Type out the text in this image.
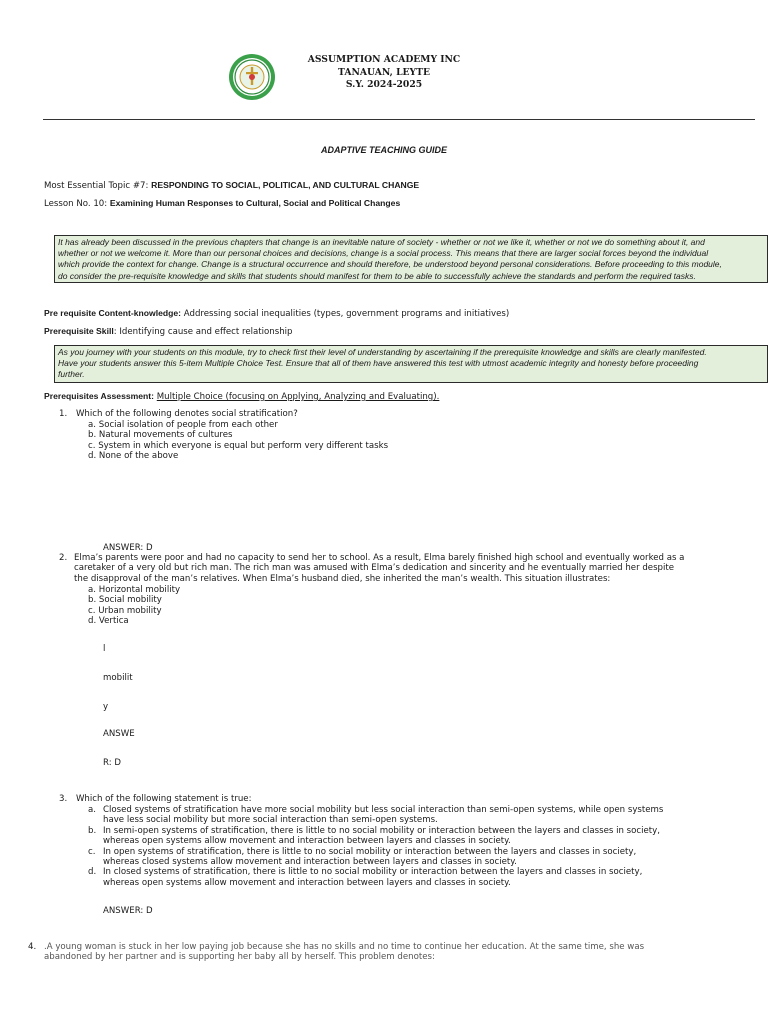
ASSUMPTION ACADEMY INC
TANAUAN, LEYTE
S.Y. 2024-2025
ADAPTIVE TEACHING GUIDE
Most Essential Topic #7: RESPONDING TO SOCIAL, POLITICAL, AND CULTURAL CHANGE
Lesson No. 10: Examining Human Responses to Cultural, Social and Political Changes
It has already been discussed in the previous chapters that change is an inevitable nature of society - whether or not we like it, whether or not we do something about it, and
whether or not we welcome it. More than our personal choices and decisions, change is a social process. This means that there are larger social forces beyond the individual
which provide the context for change. Change is a structural occurrence and should therefore, be understood beyond personal considerations. Before proceeding to this module,
do consider the pre-requisite knowledge and skills that students should manifest for them to be able to successfully achieve the standards and perform the required tasks.
Pre requisite Content-knowledge: Addressing social inequalities (types, government programs and initiatives)
Prerequisite Skill: Identifying cause and effect relationship
As you journey with your students on this module, try to check first their level of understanding by ascertaining if the prerequisite knowledge and skills are clearly manifested.
Have your students answer this 5-item Multiple Choice Test. Ensure that all of them have answered this test with utmost academic integrity and honesty before proceeding
further.
Prerequisites Assessment: Multiple Choice (focusing on Applying, Analyzing and Evaluating).
1. Which of the following denotes social stratification?
a. Social isolation of people from each other
b. Natural movements of cultures
c. System in which everyone is equal but perform very different tasks
d. None of the above
ANSWER: D
2. Elma’s parents were poor and had no capacity to send her to school. As a result, Elma barely finished high school and eventually worked as a
caretaker of a very old but rich man. The rich man was amused with Elma’s dedication and sincerity and he eventually married her despite
the disapproval of the man’s relatives. When Elma’s husband died, she inherited the man’s wealth. This situation illustrates:
a. Horizontal mobility
b. Social mobility
c. Urban mobility
d. Vertica
l
mobilit
y
ANSWE
R: D
3. Which of the following statement is true:
a. Closed systems of stratification have more social mobility but less social interaction than semi-open systems, while open systems
have less social mobility but more social interaction than semi-open systems.
b. In semi-open systems of stratification, there is little to no social mobility or interaction between the layers and classes in society,
whereas open systems allow movement and interaction between layers and classes in society.
c. In open systems of stratification, there is little to no social mobility or interaction between the layers and classes in society,
whereas closed systems allow movement and interaction between layers and classes in society.
d. In closed systems of stratification, there is little to no social mobility or interaction between the layers and classes in society,
whereas open systems allow movement and interaction between layers and classes in society.
ANSWER: D
4. .A young woman is stuck in her low paying job because she has no skills and no time to continue her education. At the same time, she was
abandoned by her partner and is supporting her baby all by herself. This problem denotes:
